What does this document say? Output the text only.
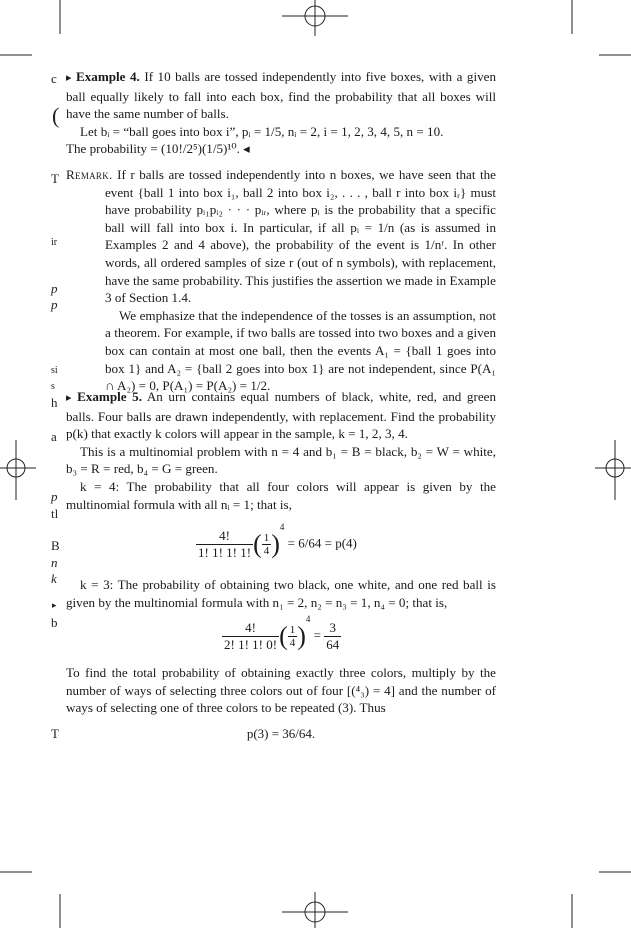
c
(
T
ir
p
p
si
s
h
a
p
tl
B
n
k
▸
b
T

▸ Example 4. If 10 balls are tossed independently into five boxes, with a given ball equally likely to fall into each box, find the probability that all boxes will have the same number of balls.

Let bᵢ = “ball goes into box i”, pᵢ = 1/5, nᵢ = 2, i = 1, 2, 3, 4, 5, n = 10.

The probability = (10!/2⁵)(1/5)¹⁰. ◂

Remark. If r balls are tossed independently into n boxes, we have seen that the event {ball 1 into box i₁, ball 2 into box i₂, . . . , ball r into box iᵣ} must have probability pᵢ₁pᵢ₂ · · · pᵢᵣ, where pᵢ is the probability that a specific ball will fall into box i. In particular, if all pᵢ = 1/n (as is assumed in Examples 2 and 4 above), the probability of the event is 1/nʳ. In other words, all ordered samples of size r (out of n symbols), with replacement, have the same probability. This justifies the assertion we made in Example 3 of Section 1.4.

We emphasize that the independence of the tosses is an assumption, not a theorem. For example, if two balls are tossed into two boxes and a given box can contain at most one ball, then the events A₁ = {ball 1 goes into box 1} and A₂ = {ball 2 goes into box 1} are not independent, since P(A₁ ∩ A₂) = 0, P(A₁) = P(A₂) = 1/2.

▸ Example 5. An urn contains equal numbers of black, white, red, and green balls. Four balls are drawn independently, with replacement. Find the probability p(k) that exactly k colors will appear in the sample, k = 1, 2, 3, 4.

This is a multinomial problem with n = 4 and b₁ = B = black, b₂ = W = white, b₃ = R = red, b₄ = G = green.

k = 4: The probability that all four colors will appear is given by the multinomial formula with all nᵢ = 1; that is,

$\frac{4!}{1! 1! 1! 1!}$ ( $\frac{1}{4} )^4 = 6/64 = p(4)$

k = 3: The probability of obtaining two black, one white, and one red ball is given by the multinomial formula with n₁ = 2, n₂ = n₃ = 1, n₄ = 0; that is,

$\frac{4!}{2! 1! 1! 0!}$ ( $\frac{1}{4} )^4 = \frac{3}{64}$

To find the total probability of obtaining exactly three colors, multiply by the number of ways of selecting three colors out of four [(⁴₃) = 4] and the number of ways of selecting one of three colors to be repeated (3). Thus

p(3) = 36/64.
